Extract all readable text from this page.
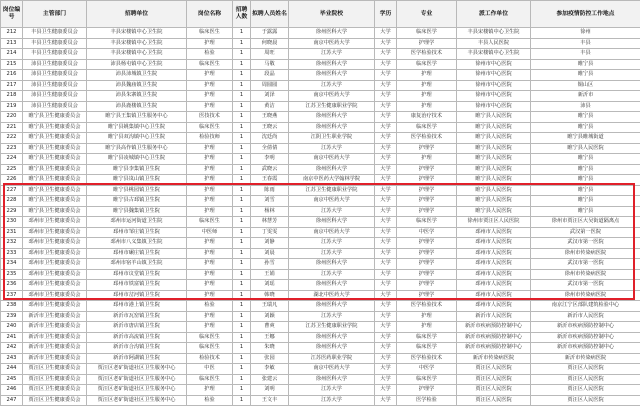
岗位编号	主管部门	招聘单位	岗位名称	招聘人数	拟聘人员姓名	毕业院校	学历	专业	派工作单位	参加疫情防控工作地点
212	丰县卫生健康委员会	丰县宋楼镇中心卫生院	临床医生	1	于露露	徐州医科大学	大学	临床医学	丰县宋楼镇中心卫生院	徐州
213	丰县卫生健康委员会	丰县宋楼镇中心卫生院	护理	1	何晓晨	南京中医药大学	大学	护理学	丰县人民医院	丰县
214	丰县卫生健康委员会	丰县宋楼镇中心卫生院	检验	1	周旺	江苏大学	大学	医学检验技术	丰县宋楼镇中心卫生院	丰县
215	沛县卫生健康委员会	沛县杨屯镇中心卫生院	临床医生	1	马敬	徐州医科大学	大学	临床医学	徐州市中心医院	睢宁县
216	沛县卫生健康委员会	沛县沛城镇卫生院	护理	1	段晶	徐州医科大学	大学	护理	徐州市中心医院	睢宁县
217	沛县卫生健康委员会	沛县魏庙镇卫生院	护理	1	周圆圆	江苏大学	大学	护理	徐州市中心医院	铜山区
218	沛县卫生健康委员会	沛县朱寨镇卫生院	护理	1	刘泽	南京中医药大学	大学	护理	徐州市中心医院	新沂市
219	沛县卫生健康委员会	沛县鹿楼镇卫生院	护理	1	黄洁	江苏卫生健康职业学院	大学	护理	徐州市中心医院	沛县
220	睢宁县卫生健康委员会	睢宁县王集镇卫生服务中心	医技技术	1	王晓燕	徐州医科大学	大学	康复治疗技术	睢宁县人民医院	睢宁县
221	睢宁县卫生健康委员会	睢宁县姚集镇中心卫生院	临床医生	1	王晓云	徐州医科大学	大学	临床医学	睢宁县人民医院	睢宁县
222	睢宁县卫生健康委员会	睢宁县双沟镇中心卫生院	检验技师	1	沈廷尚	江阴卫生职业学院	大学	医学检验技术	睢宁县人民医院	睢宁县睢城街道
223	睢宁县卫生健康委员会	睢宁县高作镇卫生服务中心	护理	1	全倩倩	江苏大学	大学	护理学	睢宁县人民医院	睢宁县人民医院
224	睢宁县卫生健康委员会	睢宁县凌城镇中心卫生院	护理	1	李明	南京中医药大学	大学	护理	睢宁县人民医院	睢宁县
225	睢宁县卫生健康委员会	睢宁县李集镇卫生院	护理	1	武晓云	徐州医科大学	大学	护理学	睢宁县人民医院	睢宁县
226	睢宁县卫生健康委员会	睢宁县岚山镇卫生院	护理	1	王春霞	南京中医药大学翰林学院	大学	护理学	睢宁县人民医院	睢宁县
227	睢宁县卫生健康委员会	睢宁县桃园镇卫生院	护理	1	陈雨	江苏卫生健康职业学院	大学	护理学	睢宁县人民医院	睢宁县
228	睢宁县卫生健康委员会	睢宁县古邳镇卫生院	护理	1	刘雪	南京中医药大学	大学	护理学	睢宁县人民医院	睢宁县
229	睢宁县卫生健康委员会	睢宁县魏集镇卫生院	护理	1	杨林	江苏大学	大学	护理学	睢宁县人民医院	睢宁县
230	邳州市卫生健康委员会	邳州市运河街道卫生院	临床医生	1	林慧芳	徐州医科大学	大学	临床医学	徐州市贾汪区人民医院	徐州市贾汪区大吴街道隔离点
231	邳州市卫生健康委员会	邳州市邹庄镇卫生院	中医师	1	丁雯雯	南京中医药大学	大学	中医学	邳州市人民医院	武汉第一医院
232	邳州市卫生健康委员会	邳州市八义集镇卫生院	护理	1	刘静	江苏大学	大学	护理学	邳州市人民医院	武汉市第一医院
233	邳州市卫生健康委员会	邳州市碾庄镇卫生院	护理	1	刘晨	江苏大学	大学	护理学	邳州市人民医院	徐州市传染病医院
234	邳州市卫生健康委员会	邳州市宿羊山镇卫生院	护理	1	孙雪	徐州医科大学	大学	护理学	邳州市人民医院	武汉市第一医院
235	邳州市卫生健康委员会	邳州市议堂镇卫生院	护理	1	王娟	江苏大学	大学	护理学	邳州市人民医院	徐州市传染病医院
236	邳州市卫生健康委员会	邳州市铁富镇卫生院	护理	1	刘瑶	徐州医科大学	大学	护理学	邳州市人民医院	武汉市第一医院
237	邳州市卫生健康委员会	邳州市岔河镇卫生院	护理	1	韩晓	湖北中医药大学	大学	护理学	邳州市人民医院	徐州市传染病医院
238	邳州市卫生健康委员会	邳州市港上镇卫生院	检验	1	王瑞凡	徐州医科大学	大学	医学检验技术	邳州市人民医院	南京江宁区部队建筑检验中心
239	新沂市卫生健康委员会	新沂市瓦窑镇卫生院	护理	1	刘颖	江苏大学	大学	护理	新沂市人民医院	新沂市人民医院
240	新沂市卫生健康委员会	新沂市唐店镇卫生院	护理	1	曹爽	江苏卫生健康职业学院	大学	护理	新沂市疾病预防控制中心	新沂市疾病预防控制中心
241	新沂市卫生健康委员会	新沂市高流镇卫生院	临床医生	1	王娜	徐州医科大学	大学	临床医学	新沂市疾病预防控制中心	新沂市疾病预防控制中心
242	新沂市卫生健康委员会	新沂市合沟镇卫生院	临床医生	1	朱晓	徐州医科大学	大学	临床医学	新沂市疾病预防控制中心	新沂市疾病预防控制中心
243	新沂市卫生健康委员会	新沂市阿湖镇卫生院	检验技术	1	张园	江苏医药职业学院	大学	医学检验技术	新沂市传染病医院	新沂市传染病医院
244	贾汪区卫生健康委员会	贾汪区老矿街道社区卫生服务中心	中医	1	李敏	南京中医药大学	大学	中医学	贾汪区人民医院	贾汪区人民医院
245	贾汪区卫生健康委员会	贾汪区老矿街道社区卫生服务中心	临床医生	1	张建云	徐州医科大学	大学	临床医学	贾汪区人民医院	贾汪区人民医院
246	贾汪区卫生健康委员会	贾汪区老矿街道社区卫生服务中心	护理	1	刘明	江苏大学	大学	护理学	贾汪区人民医院	贾汪区人民医院
247	贾汪区卫生健康委员会	贾汪区老矿街道社区卫生服务中心	检验	1	王文丰	江苏大学	大学	医学检验	贾汪区人民医院	贾汪区人民医院
